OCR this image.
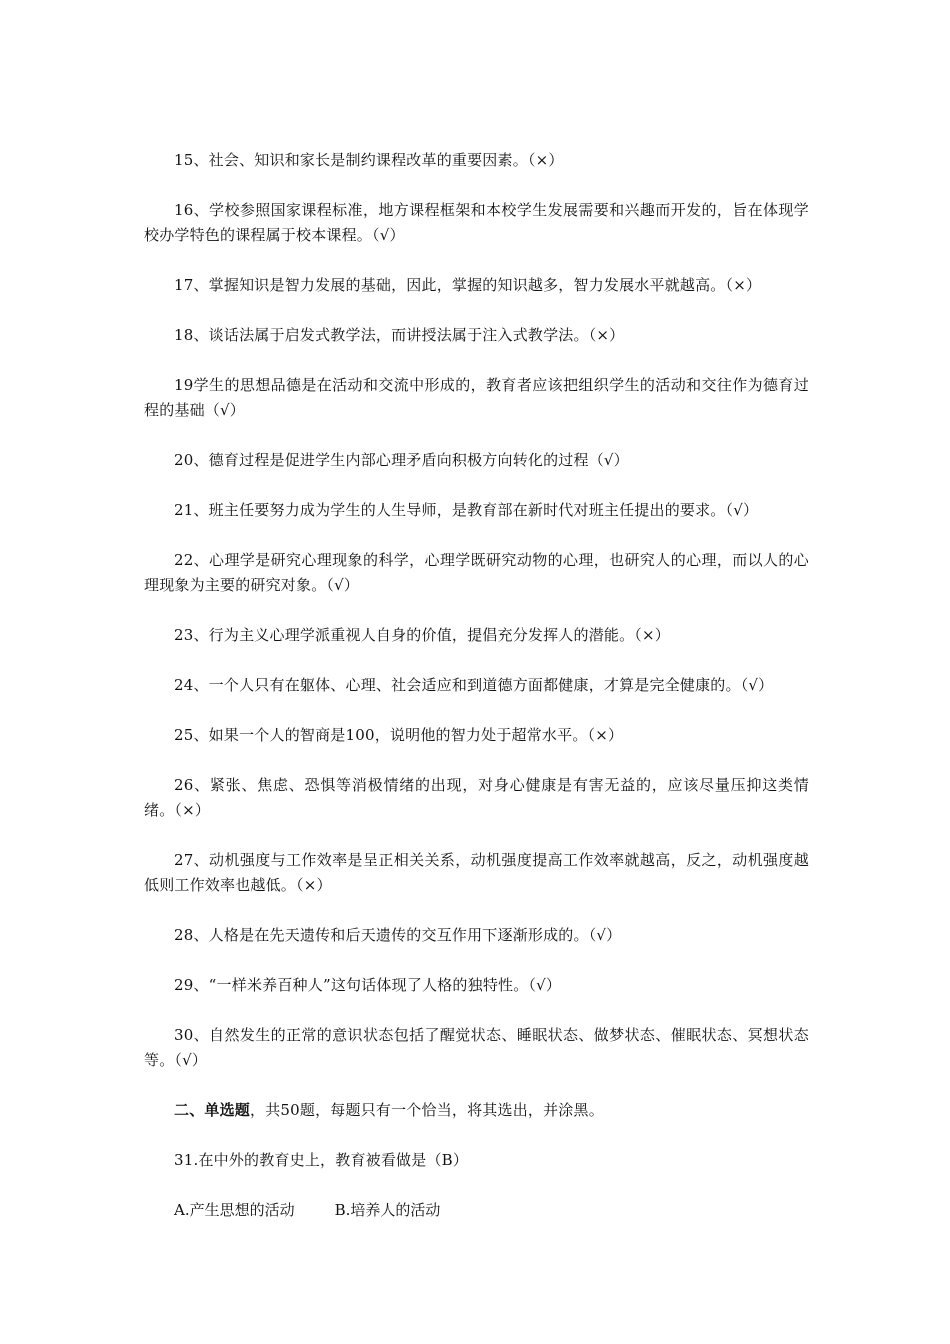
15、社会、知识和家长是制约课程改革的重要因素。（×）

16、学校参照国家课程标准，地方课程框架和本校学生发展需要和兴趣而开发的，旨在体现学校办学特色的课程属于校本课程。（√）

17、掌握知识是智力发展的基础，因此，掌握的知识越多，智力发展水平就越高。（×）

18、谈话法属于启发式教学法，而讲授法属于注入式教学法。（×）

19学生的思想品德是在活动和交流中形成的，教育者应该把组织学生的活动和交往作为德育过程的基础（√）

20、德育过程是促进学生内部心理矛盾向积极方向转化的过程（√）

21、班主任要努力成为学生的人生导师，是教育部在新时代对班主任提出的要求。（√）

22、心理学是研究心理现象的科学，心理学既研究动物的心理，也研究人的心理，而以人的心理现象为主要的研究对象。（√）

23、行为主义心理学派重视人自身的价值，提倡充分发挥人的潜能。（×）

24、一个人只有在躯体、心理、社会适应和到道德方面都健康，才算是完全健康的。（√）

25、如果一个人的智商是100，说明他的智力处于超常水平。（×）

26、紧张、焦虑、恐惧等消极情绪的出现，对身心健康是有害无益的，应该尽量压抑这类情绪。（×）

27、动机强度与工作效率是呈正相关关系，动机强度提高工作效率就越高，反之，动机强度越低则工作效率也越低。（×）

28、人格是在先天遗传和后天遗传的交互作用下逐渐形成的。（√）

29、“一样米养百种人”这句话体现了人格的独特性。（√）

30、自然发生的正常的意识状态包括了醒觉状态、睡眠状态、做梦状态、催眠状态、冥想状态等。（√）

二、单选题，共50题，每题只有一个恰当，将其选出，并涂黑。

31.在中外的教育史上，教育被看做是（B）

A.产生思想的活动	B.培养人的活动
